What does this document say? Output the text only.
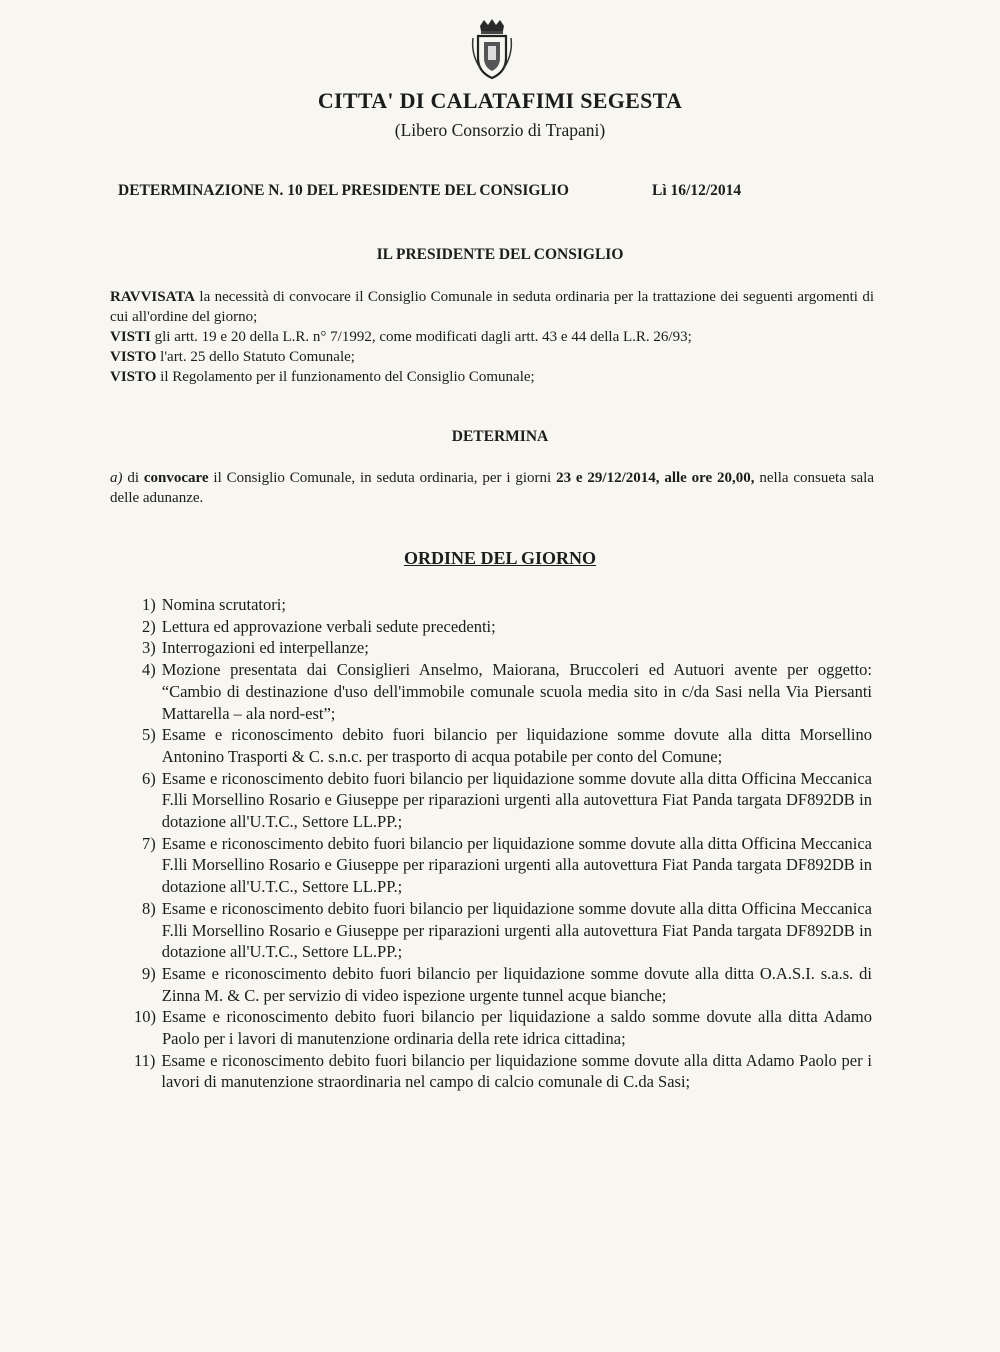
CITTA' DI CALATAFIMI SEGESTA
(Libero Consorzio di Trapani)
DETERMINAZIONE N. 10 DEL PRESIDENTE DEL CONSIGLIO	Lì 16/12/2014
IL PRESIDENTE DEL CONSIGLIO
RAVVISATA la necessità di convocare il Consiglio Comunale in seduta ordinaria per la trattazione dei seguenti argomenti di cui all'ordine del giorno;
VISTI gli artt. 19 e 20 della L.R. n° 7/1992, come modificati dagli artt. 43 e 44 della L.R. 26/93;
VISTO l'art. 25 dello Statuto Comunale;
VISTO il Regolamento per il funzionamento del Consiglio Comunale;
DETERMINA
a) di convocare il Consiglio Comunale, in seduta ordinaria, per i giorni 23 e 29/12/2014, alle ore 20,00, nella consueta sala delle adunanze.
ORDINE DEL GIORNO
1) Nomina scrutatori;
2) Lettura ed approvazione verbali sedute precedenti;
3) Interrogazioni ed interpellanze;
4) Mozione presentata dai Consiglieri Anselmo, Maiorana, Bruccoleri ed Autuori avente per oggetto: “Cambio di destinazione d'uso dell'immobile comunale scuola media sito in c/da Sasi nella Via Piersanti Mattarella – ala nord-est”;
5) Esame e riconoscimento debito fuori bilancio per liquidazione somme dovute alla ditta Morsellino Antonino Trasporti & C. s.n.c. per trasporto di acqua potabile per conto del Comune;
6) Esame e riconoscimento debito fuori bilancio per liquidazione somme dovute alla ditta Officina Meccanica F.lli Morsellino Rosario e Giuseppe per riparazioni urgenti alla autovettura Fiat Panda targata DF892DB in dotazione all'U.T.C., Settore LL.PP.;
7) Esame e riconoscimento debito fuori bilancio per liquidazione somme dovute alla ditta Officina Meccanica F.lli Morsellino Rosario e Giuseppe per riparazioni urgenti alla autovettura Fiat Panda targata DF892DB in dotazione all'U.T.C., Settore LL.PP.;
8) Esame e riconoscimento debito fuori bilancio per liquidazione somme dovute alla ditta Officina Meccanica F.lli Morsellino Rosario e Giuseppe per riparazioni urgenti alla autovettura Fiat Panda targata DF892DB in dotazione all'U.T.C., Settore LL.PP.;
9) Esame e riconoscimento debito fuori bilancio per liquidazione somme dovute alla ditta O.A.S.I. s.a.s. di Zinna M. & C. per servizio di video ispezione urgente tunnel acque bianche;
10) Esame e riconoscimento debito fuori bilancio per liquidazione a saldo somme dovute alla ditta Adamo Paolo per i lavori di manutenzione ordinaria della rete idrica cittadina;
11) Esame e riconoscimento debito fuori bilancio per liquidazione somme dovute alla ditta Adamo Paolo per i lavori di manutenzione straordinaria nel campo di calcio comunale di C.da Sasi;
